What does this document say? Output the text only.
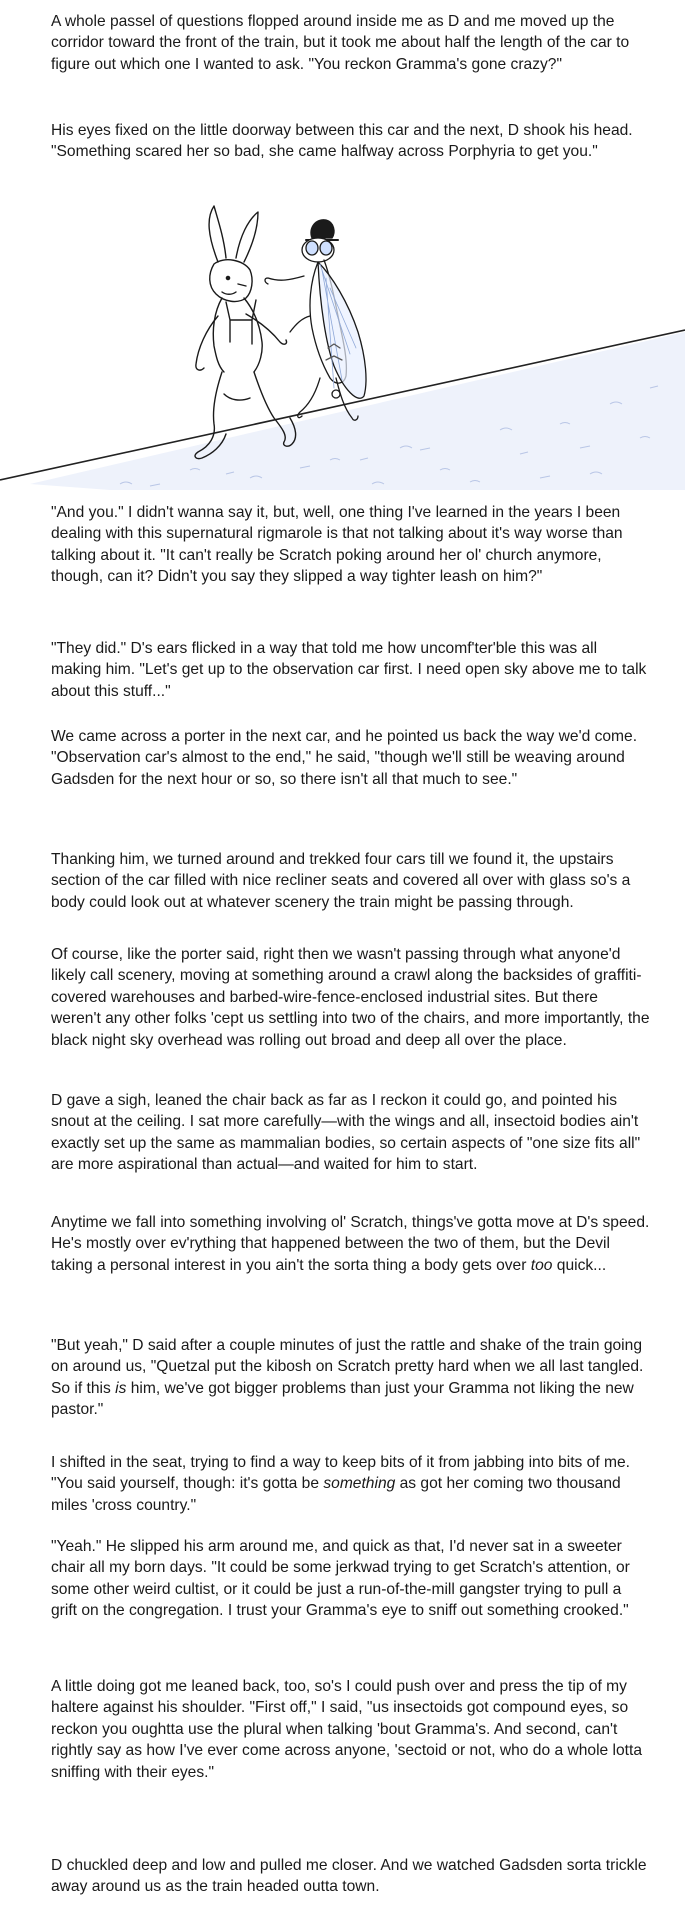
A whole passel of questions flopped around inside me as D and me moved up the corridor toward the front of the train, but it took me about half the length of the car to figure out which one I wanted to ask. "You reckon Gramma's gone crazy?"

His eyes fixed on the little doorway between this car and the next, D shook his head. "Something scared her so bad, she came halfway across Porphyria to get you."

"And you." I didn't wanna say it, but, well, one thing I've learned in the years I been dealing with this supernatural rigmarole is that not talking about it's way worse than talking about it. "It can't really be Scratch poking around her ol' church anymore, though, can it? Didn't you say they slipped a way tighter leash on him?"

"They did." D's ears flicked in a way that told me how uncomf'ter'ble this was all making him. "Let's get up to the observation car first. I need open sky above me to talk about this stuff..."

We came across a porter in the next car, and he pointed us back the way we'd come. "Observation car's almost to the end," he said, "though we'll still be weaving around Gadsden for the next hour or so, so there isn't all that much to see."

Thanking him, we turned around and trekked four cars till we found it, the upstairs section of the car filled with nice recliner seats and covered all over with glass so's a body could look out at whatever scenery the train might be passing through.

Of course, like the porter said, right then we wasn't passing through what anyone'd likely call scenery, moving at something around a crawl along the backsides of graffiti-covered warehouses and barbed-wire-fence-enclosed industrial sites. But there weren't any other folks 'cept us settling into two of the chairs, and more importantly, the black night sky overhead was rolling out broad and deep all over the place.

D gave a sigh, leaned the chair back as far as I reckon it could go, and pointed his snout at the ceiling. I sat more carefully—with the wings and all, insectoid bodies ain't exactly set up the same as mammalian bodies, so certain aspects of "one size fits all" are more aspirational than actual—and waited for him to start.

Anytime we fall into something involving ol' Scratch, things've gotta move at D's speed. He's mostly over ev'rything that happened between the two of them, but the Devil taking a personal interest in you ain't the sorta thing a body gets over too quick...

"But yeah," D said after a couple minutes of just the rattle and shake of the train going on around us, "Quetzal put the kibosh on Scratch pretty hard when we all last tangled. So if this is him, we've got bigger problems than just your Gramma not liking the new pastor."

I shifted in the seat, trying to find a way to keep bits of it from jabbing into bits of me. "You said yourself, though: it's gotta be something as got her coming two thousand miles 'cross country."

"Yeah." He slipped his arm around me, and quick as that, I'd never sat in a sweeter chair all my born days. "It could be some jerkwad trying to get Scratch's attention, or some other weird cultist, or it could be just a run-of-the-mill gangster trying to pull a grift on the congregation. I trust your Gramma's eye to sniff out something crooked."

A little doing got me leaned back, too, so's I could push over and press the tip of my haltere against his shoulder. "First off," I said, "us insectoids got compound eyes, so reckon you oughtta use the plural when talking 'bout Gramma's. And second, can't rightly say as how I've ever come across anyone, 'sectoid or not, who do a whole lotta sniffing with their eyes."

D chuckled deep and low and pulled me closer. And we watched Gadsden sorta trickle away around us as the train headed outta town.
